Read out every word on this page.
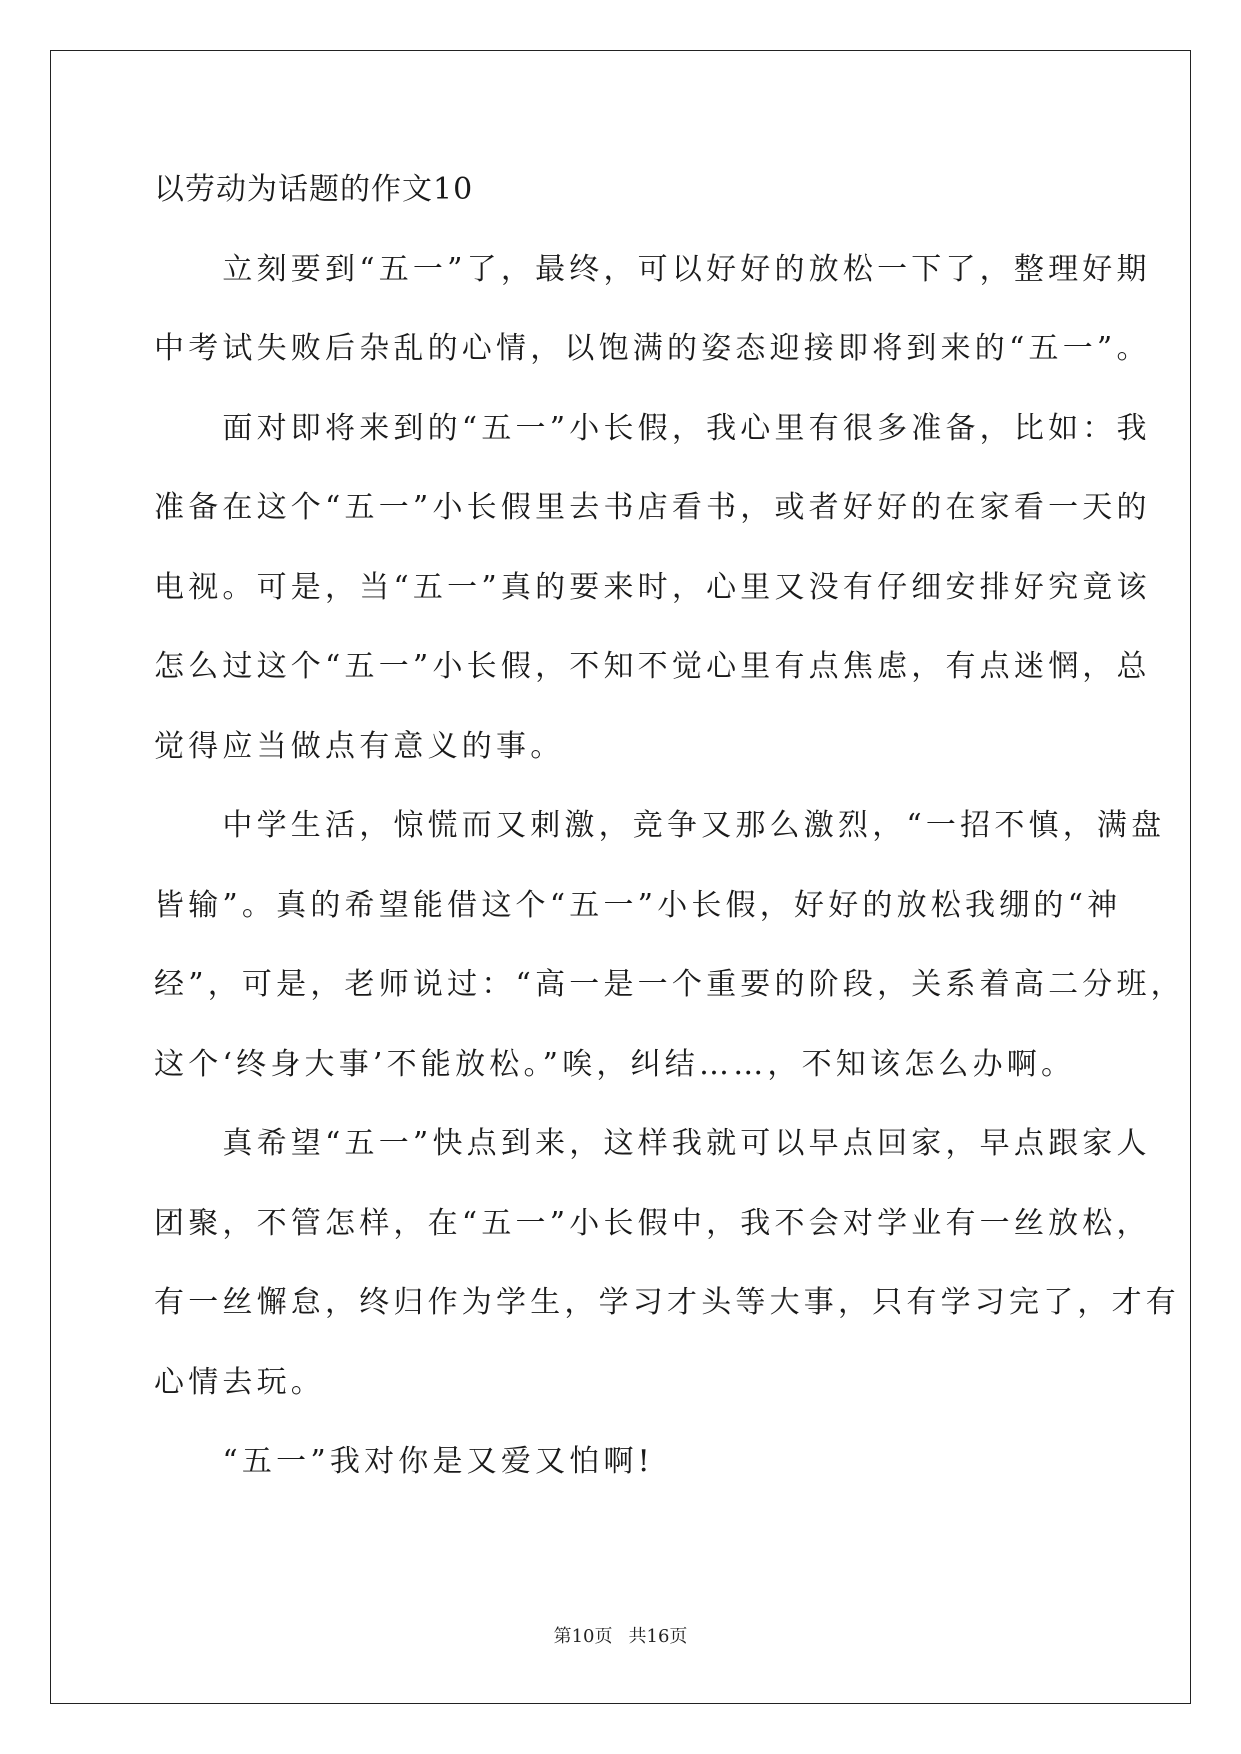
以劳动为话题的作文10
　　立刻要到“五一”了，最终，可以好好的放松一下了，整理好期
中考试失败后杂乱的心情，以饱满的姿态迎接即将到来的“五一”。
　　面对即将来到的“五一”小长假，我心里有很多准备，比如：我
准备在这个“五一”小长假里去书店看书，或者好好的在家看一天的
电视。可是，当“五一”真的要来时，心里又没有仔细安排好究竟该
怎么过这个“五一”小长假，不知不觉心里有点焦虑，有点迷惘，总
觉得应当做点有意义的事。
　　中学生活，惊慌而又刺激，竞争又那么激烈，“一招不慎，满盘
皆输”。真的希望能借这个“五一”小长假，好好的放松我绷的“神
经”，可是，老师说过：“高一是一个重要的阶段，关系着高二分班，
这个‘终身大事’不能放松。”唉，纠结……，不知该怎么办啊。
　　真希望“五一”快点到来，这样我就可以早点回家，早点跟家人
团聚，不管怎样，在“五一”小长假中，我不会对学业有一丝放松，
有一丝懈怠，终归作为学生，学习才头等大事，只有学习完了，才有
心情去玩。
　　“五一”我对你是又爱又怕啊!
第10页 共16页
